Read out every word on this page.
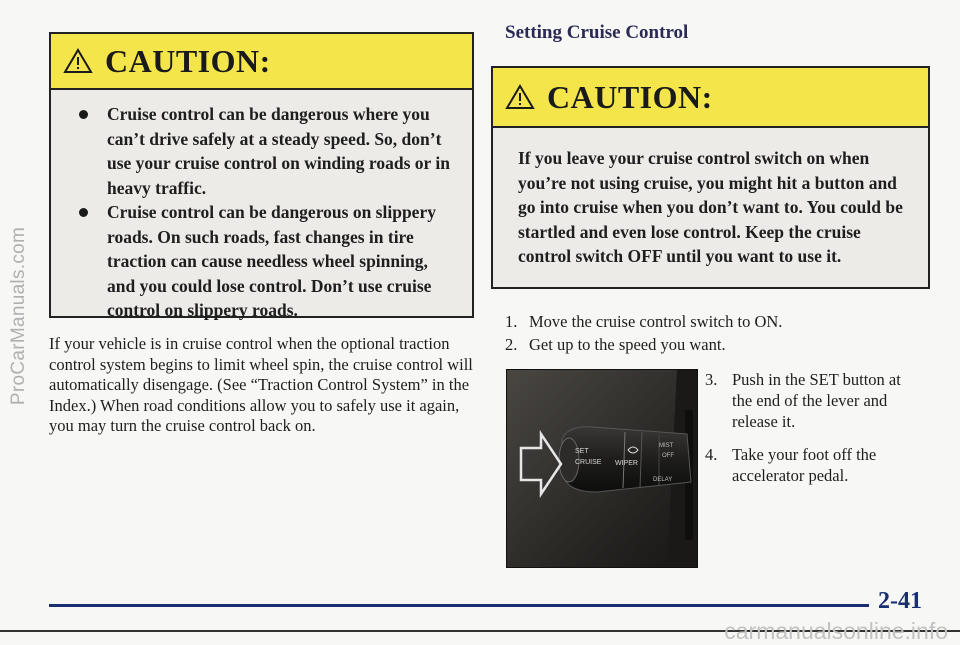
ProCarManuals.com
CAUTION:
Cruise control can be dangerous where you can’t drive safely at a steady speed. So, don’t use your cruise control on winding roads or in heavy traffic.
Cruise control can be dangerous on slippery roads. On such roads, fast changes in tire traction can cause needless wheel spinning, and you could lose control. Don’t use cruise control on slippery roads.
If your vehicle is in cruise control when the optional traction control system begins to limit wheel spin, the cruise control will automatically disengage. (See “Traction Control System” in the Index.) When road conditions allow you to safely use it again, you may turn the cruise control back on.
Setting Cruise Control
CAUTION:
If you leave your cruise control switch on when you’re not using cruise, you might hit a button and go into cruise when you don’t want to. You could be startled and even lose control. Keep the cruise control switch OFF until you want to use it.
1. Move the cruise control switch to ON.
2. Get up to the speed you want.
SET
CRUISE WIPER
DELAY
MIST
OFF
3. Push in the SET button at the end of the lever and release it.
4. Take your foot off the accelerator pedal.
2-41
carmanualsonline.info
